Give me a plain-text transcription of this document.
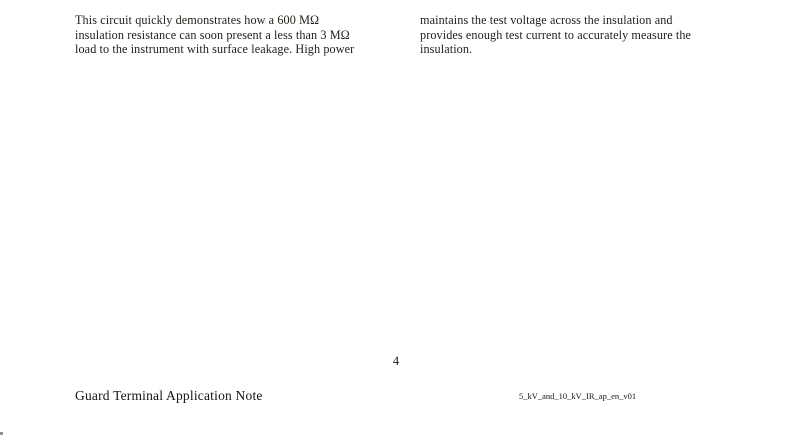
This circuit quickly demonstrates how a 600 MΩ
insulation resistance can soon present a less than 3 MΩ
load to the instrument with surface leakage. High power
maintains the test voltage across the insulation and
provides enough test current to accurately measure the
insulation.
4
Guard Terminal Application Note	5_kV_and_10_kV_IR_ap_en_v01
